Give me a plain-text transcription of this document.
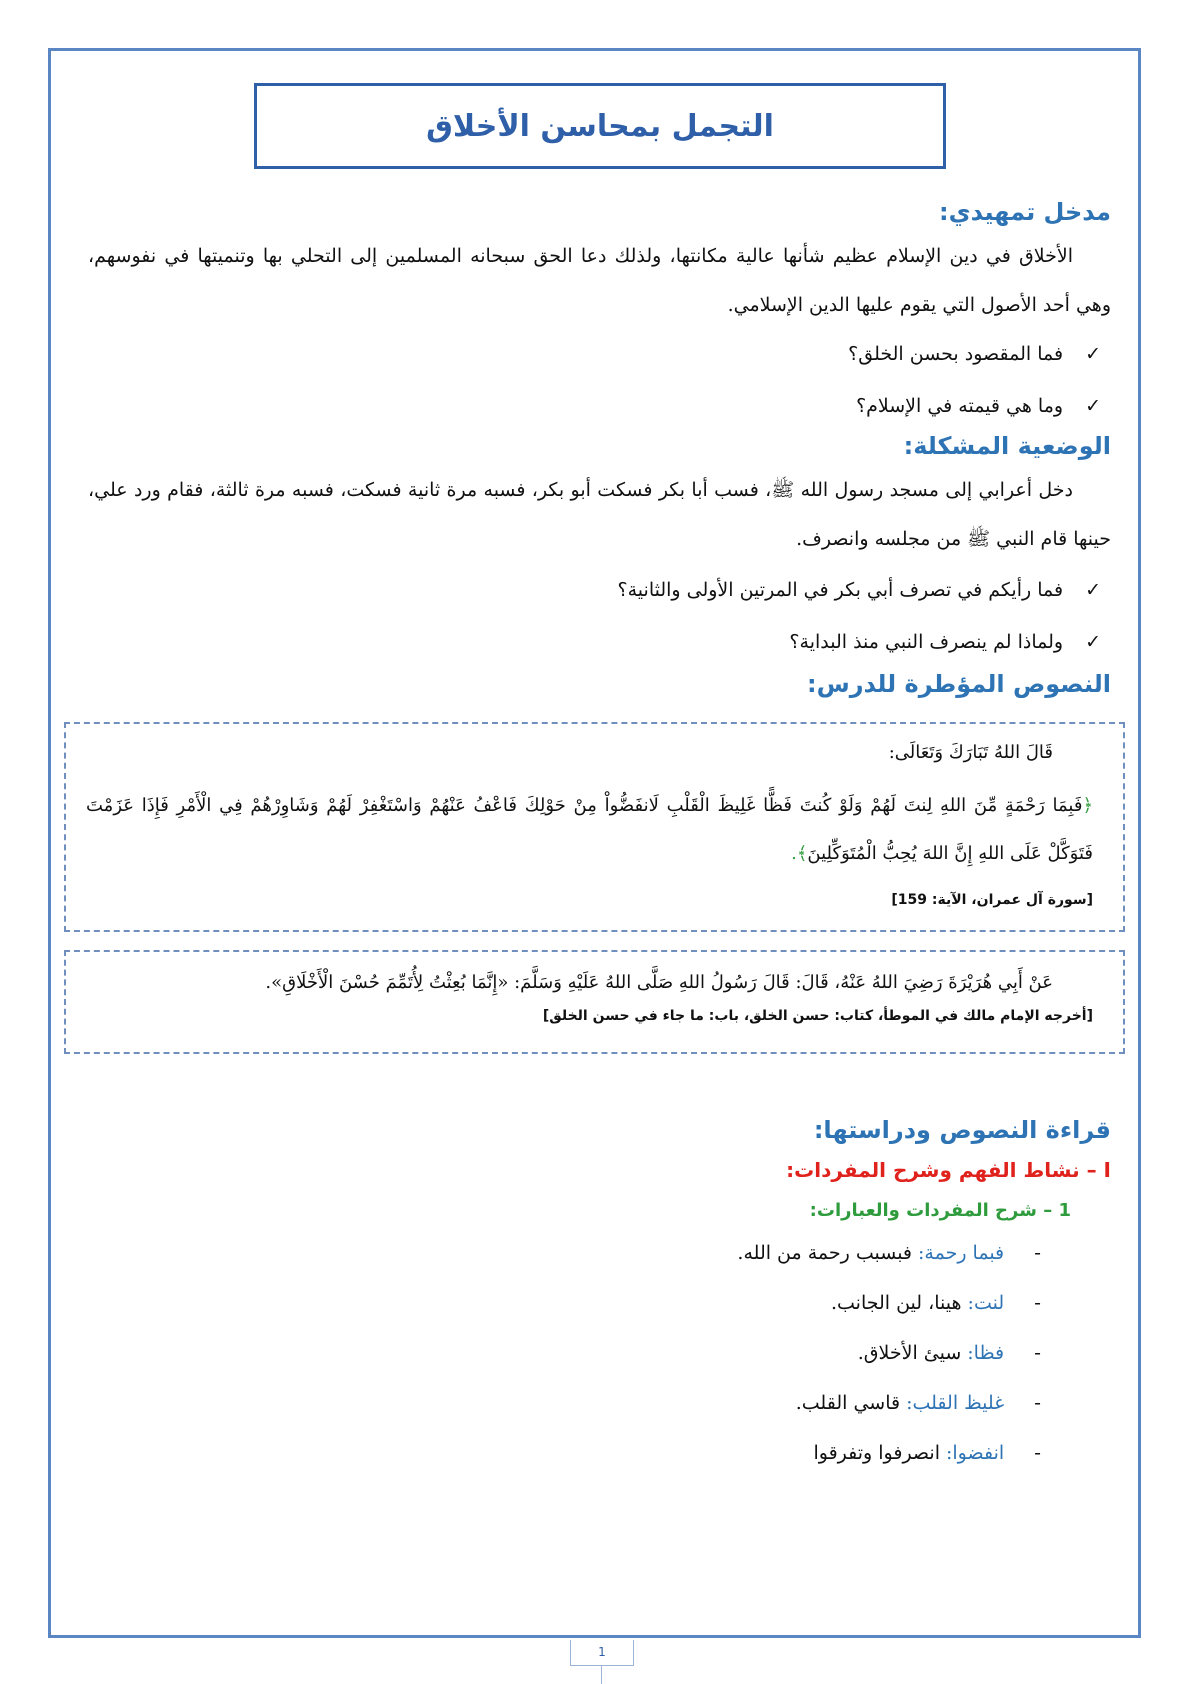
التجمل بمحاسن الأخلاق
مدخل تمهيدي:
الأخلاق في دين الإسلام عظيم شأنها عالية مكانتها، ولذلك دعا الحق سبحانه المسلمين إلى التحلي بها وتنميتها في نفوسهم، وهي أحد الأصول التي يقوم عليها الدين الإسلامي.
✓
فما المقصود بحسن الخلق؟
✓
وما هي قيمته في الإسلام؟
الوضعية المشكلة:
دخل أعرابي إلى مسجد رسول الله ﷺ، فسب أبا بكر فسكت أبو بكر، فسبه مرة ثانية فسكت، فسبه مرة ثالثة، فقام ورد علي، حينها قام النبي ﷺ من مجلسه وانصرف.
✓
فما رأيكم في تصرف أبي بكر في المرتين الأولى والثانية؟
✓
ولماذا لم ينصرف النبي منذ البداية؟
النصوص المؤطرة للدرس:
قَالَ اللهُ تَبَارَكَ وَتَعَالَى:
﴿فَبِمَا رَحْمَةٍ مِّنَ اللهِ لِنتَ لَهُمْ وَلَوْ كُنتَ فَظًّا غَلِيظَ الْقَلْبِ لَانفَضُّواْ مِنْ حَوْلِكَ فَاعْفُ عَنْهُمْ وَاسْتَغْفِرْ لَهُمْ وَشَاوِرْهُمْ فِي الْأَمْرِ فَإِذَا عَزَمْتَ فَتَوَكَّلْ عَلَى اللهِ إِنَّ اللهَ يُحِبُّ الْمُتَوَكِّلِينَ﴾.
[سورة آل عمران، الآية: 159]
عَنْ أَبِي هُرَيْرَةَ رَضِيَ اللهُ عَنْهُ، قَالَ: قَالَ رَسُولُ اللهِ صَلَّى اللهُ عَلَيْهِ وَسَلَّمَ: «إِنَّمَا بُعِثْتُ لِأُتَمِّمَ حُسْنَ الْأَخْلَاقِ».
[أخرجه الإمام مالك في الموطأ، كتاب: حسن الخلق، باب: ما جاء في حسن الخلق]
قراءة النصوص ودراستها:
I – نشاط الفهم وشرح المفردات:
1 – شرح المفردات والعبارات:
-
فبما رحمة:
فبسبب رحمة من الله.
-
لنت:
هينا، لين الجانب.
-
فظا:
سيئ الأخلاق.
-
غليظ القلب:
قاسي القلب.
-
انفضوا:
انصرفوا وتفرقوا
1
